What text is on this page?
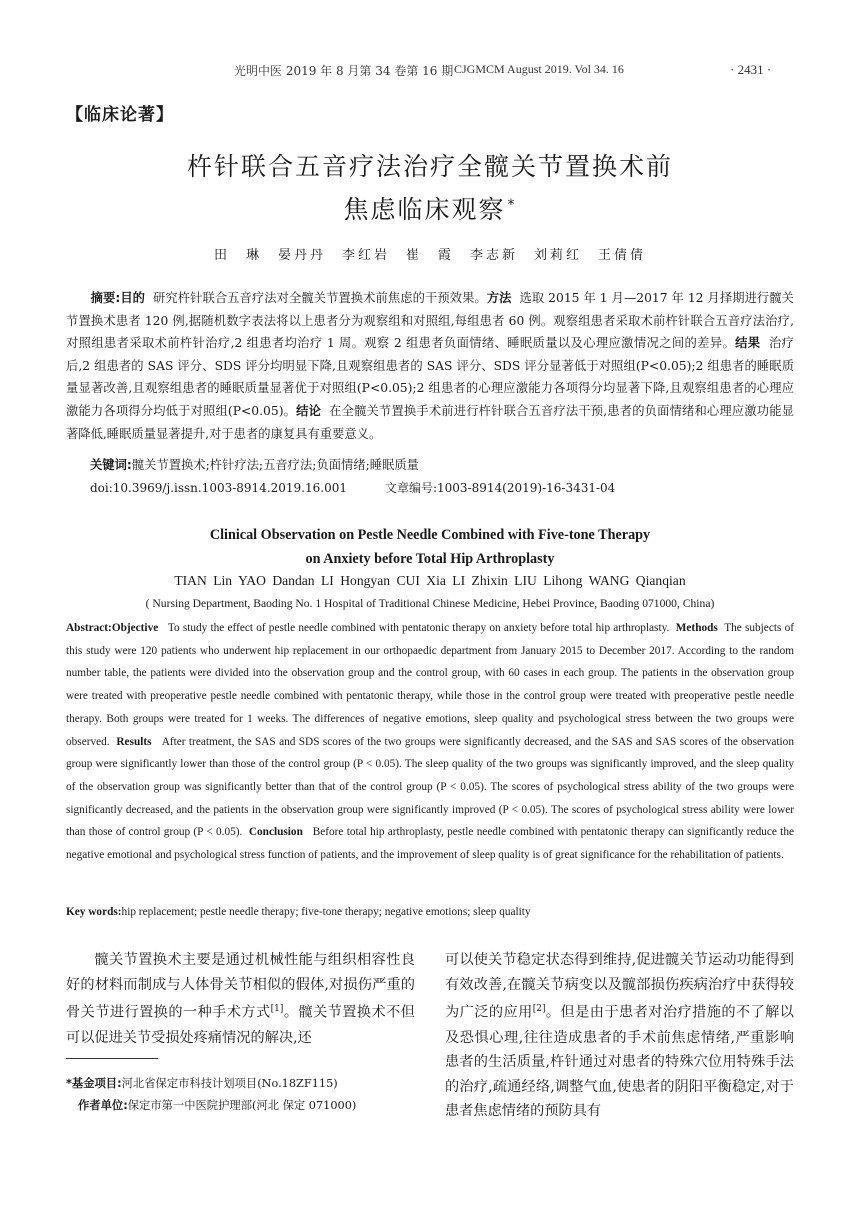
光明中医 2019 年 8 月第 34 卷第 16 期 CJGMCM August 2019. Vol 34. 16	· 2431 ·
【临床论著】
杵针联合五音疗法治疗全髋关节置换术前
焦虑临床观察 *
田　琳　晏丹丹　李红岩　崔　霞　李志新　刘莉红　王倩倩
摘要:目的 研究杵针联合五音疗法对全髋关节置换术前焦虑的干预效果。方法 选取 2015 年 1 月—2017 年 12 月择期进行髋关节置换术患者 120 例,据随机数字表法将以上患者分为观察组和对照组,每组患者 60 例。观察组患者采取术前杵针联合五音疗法治疗,对照组患者采取术前杵针治疗,2 组患者均治疗 1 周。观察 2 组患者负面情绪、睡眠质量以及心理应激情况之间的差异。结果 治疗后,2 组患者的 SAS 评分、SDS 评分均明显下降,且观察组患者的 SAS 评分、SDS 评分显著低于对照组(P<0.05);2 组患者的睡眠质量显著改善,且观察组患者的睡眠质量显著优于对照组(P<0.05);2 组患者的心理应激能力各项得分均显著下降,且观察组患者的心理应激能力各项得分均低于对照组(P<0.05)。结论 在全髋关节置换手术前进行杵针联合五音疗法干预,患者的负面情绪和心理应激功能显著降低,睡眠质量显著提升,对于患者的康复具有重要意义。
关键词:髋关节置换术;杵针疗法;五音疗法;负面情绪;睡眠质量
doi:10.3969/j.issn.1003-8914.2019.16.001	文章编号:1003-8914(2019)-16-3431-04
Clinical Observation on Pestle Needle Combined with Five-tone Therapy
on Anxiety before Total Hip Arthroplasty
TIAN Lin YAO Dandan LI Hongyan CUI Xia LI Zhixin LIU Lihong WANG Qianqian
( Nursing Department, Baoding No. 1 Hospital of Traditional Chinese Medicine, Hebei Province, Baoding 071000, China)
Abstract:Objective To study the effect of pestle needle combined with pentatonic therapy on anxiety before total hip arthroplasty. Methods The subjects of this study were 120 patients who underwent hip replacement in our orthopaedic department from January 2015 to December 2017. According to the random number table, the patients were divided into the observation group and the control group, with 60 cases in each group. The patients in the observation group were treated with preoperative pestle needle combined with pentatonic therapy, while those in the control group were treated with preoperative pestle needle therapy. Both groups were treated for 1 weeks. The differences of negative emotions, sleep quality and psychological stress between the two groups were observed. Results After treatment, the SAS and SDS scores of the two groups were significantly decreased, and the SAS and SAS scores of the observation group were significantly lower than those of the control group (P < 0.05). The sleep quality of the two groups was significantly improved, and the sleep quality of the observation group was significantly better than that of the control group (P < 0.05). The scores of psychological stress ability of the two groups were significantly decreased, and the patients in the observation group were significantly improved (P < 0.05). The scores of psychological stress ability were lower than those of control group (P < 0.05). Conclusion Before total hip arthroplasty, pestle needle combined with pentatonic therapy can significantly reduce the negative emotional and psychological stress function of patients, and the improvement of sleep quality is of great significance for the rehabilitation of patients.
Key words:hip replacement; pestle needle therapy; five-tone therapy; negative emotions; sleep quality
髋关节置换术主要是通过机械性能与组织相容性良好的材料而制成与人体骨关节相似的假体,对损伤严重的骨关节进行置换的一种手术方式[1]。髋关节置换术不但可以促进关节受损处疼痛情况的解决,还
可以使关节稳定状态得到维持,促进髋关节运动功能得到有效改善,在髋关节病变以及髋部损伤疾病治疗中获得较为广泛的应用[2]。但是由于患者对治疗措施的不了解以及恐惧心理,往往造成患者的手术前焦虑情绪,严重影响患者的生活质量,杵针通过对患者的特殊穴位用特殊手法的治疗,疏通经络,调整气血,使患者的阴阳平衡稳定,对于患者焦虑情绪的预防具有
*基金项目:河北省保定市科技计划项目(No.18ZF115)
作者单位:保定市第一中医院护理部(河北 保定 071000)
